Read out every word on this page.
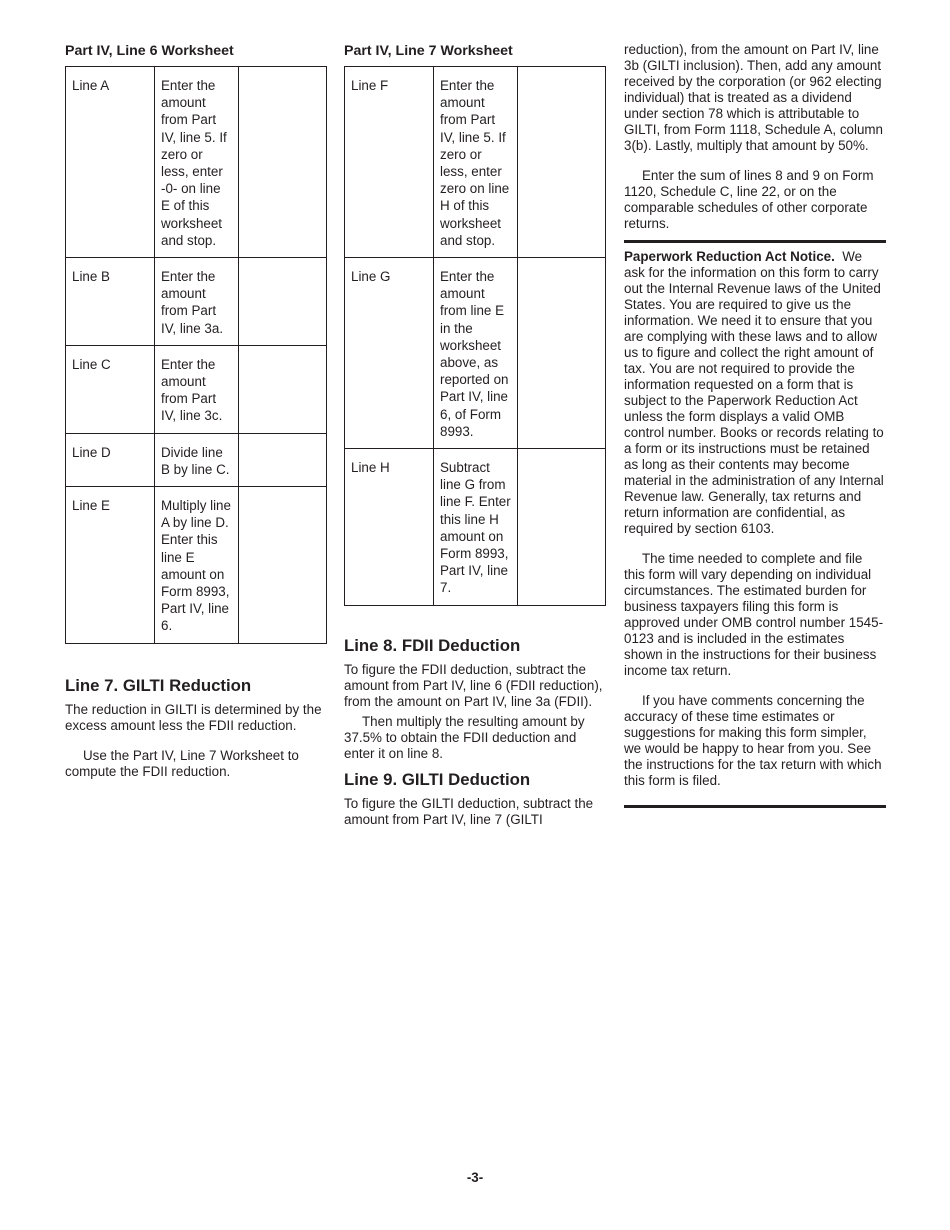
Part IV, Line 6 Worksheet
Line A	Enter the amount from Part IV, line 5. If zero or less, enter -0- on line E of this worksheet and stop.	
Line B	Enter the amount from Part IV, line 3a.	
Line C	Enter the amount from Part IV, line 3c.	
Line D	Divide line B by line C.	
Line E	Multiply line A by line D. Enter this line E amount on Form 8993, Part IV, line 6.	
Line 7. GILTI Reduction

The reduction in GILTI is determined by the excess amount less the FDII reduction.

Use the Part IV, Line 7 Worksheet to compute the FDII reduction.

Part IV, Line 7 Worksheet
Line F	Enter the amount from Part IV, line 5. If zero or less, enter zero on line H of this worksheet and stop.	
Line G	Enter the amount from line E in the worksheet above, as reported on Part IV, line 6, of Form 8993.	
Line H	Subtract line G from line F. Enter this line H amount on Form 8993, Part IV, line 7.	
Line 8. FDII Deduction

To figure the FDII deduction, subtract the amount from Part IV, line 6 (FDII reduction), from the amount on Part IV, line 3a (FDII).

Then multiply the resulting amount by 37.5% to obtain the FDII deduction and enter it on line 8.

Line 9. GILTI Deduction

To figure the GILTI deduction, subtract the amount from Part IV, line 7 (GILTI

reduction), from the amount on Part IV, line 3b (GILTI inclusion). Then, add any amount received by the corporation (or 962 electing individual) that is treated as a dividend under section 78 which is attributable to GILTI, from Form 1118, Schedule A, column 3(b). Lastly, multiply that amount by 50%.

Enter the sum of lines 8 and 9 on Form 1120, Schedule C, line 22, or on the comparable schedules of other corporate returns.

Paperwork Reduction Act Notice. We ask for the information on this form to carry out the Internal Revenue laws of the United States. You are required to give us the information. We need it to ensure that you are complying with these laws and to allow us to figure and collect the right amount of tax. You are not required to provide the information requested on a form that is subject to the Paperwork Reduction Act unless the form displays a valid OMB control number. Books or records relating to a form or its instructions must be retained as long as their contents may become material in the administration of any Internal Revenue law. Generally, tax returns and return information are confidential, as required by section 6103.

The time needed to complete and file this form will vary depending on individual circumstances. The estimated burden for business taxpayers filing this form is approved under OMB control number 1545-0123 and is included in the estimates shown in the instructions for their business income tax return.

If you have comments concerning the accuracy of these time estimates or suggestions for making this form simpler, we would be happy to hear from you. See the instructions for the tax return with which this form is filed.

-3-
